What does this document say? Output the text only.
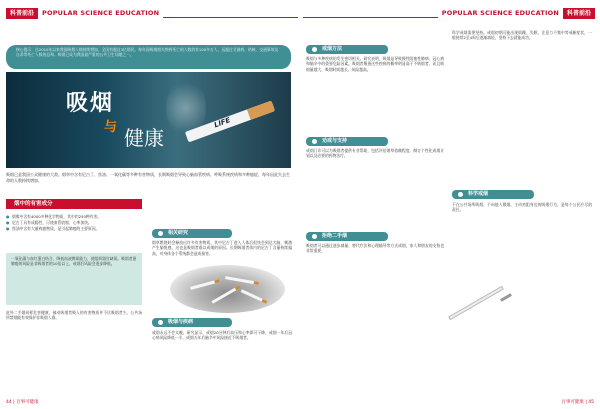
科普前沿	POPULAR SCIENCE EDUCATION	POPULAR SCIENCE EDUCATION	科普前沿

核心提示：自2010年以来我国吸烟人数持续增加，全国有超过3亿烟民。每年因吸烟相关疾病死亡的人数约有100多万人，远超过艾滋病、结核、交通事故及自杀等死亡人数的总和。吸烟已成为我国最严重的公共卫生问题之一。

吸烟
与 健康
LIFE
吸烟已是我国公众健康的大敌。烟草中含有尼古丁、焦油、一氧化碳等多种有害物质，长期吸烟会导致心脑血管疾病、呼吸系统疾病和多种癌症，每年因此失去生命的人数持续增加。
烟中的有害成分
● 烟雾中含有4000多种化学物质，其中约250种有害。
● 尼古丁具有成瘾性，可使血管收缩、心率加快。
● 焦油中含有大量致癌物质，是引起肺癌的主要原因。

一氧化碳与血红蛋白结合，降低血液携氧能力，使组织器官缺氧。吸烟者患肺癌的风险是非吸烟者的10倍以上，戒烟后风险会逐步降低。

此外二手烟同样危害健康，被动吸烟者吸入的有害物质并不比吸烟者少。公共场所禁烟能有效保护非吸烟人群。
相关研究
烟草燃烧时会释放出许多有害物质，其中尼古丁进入人体后很快会到达大脑，刺激产生愉悦感，这也是吸烟者难以戒烟的原因。长期吸烟者体内的尼古丁含量持续偏高，对身体各个系统都会造成损害。
吸烟与疾病
戒烟永远不会太晚。研究显示，戒烟20分钟后血压和心率即可下降，戒烟一年后冠心病风险降低一半，戒烟五年后脑卒中风险接近不吸烟者。
戒烟方法
吸烟与多种疾病的发生密切相关。研究表明，吸烟是导致慢性阻塞性肺病、冠心病和脑卒中的重要危险因素。吸烟者罹患这些疾病的概率明显高于不吸烟者，而且吸烟量越大、吸烟时间越长，风险越高。
劝戒与支持
戒烟门诊可以为吸烟者提供专业帮助，包括评估烟草依赖程度、制订个性化戒烟计划以及必要的药物治疗。
拒绝二手烟
吸烟者可以通过逐步减量、替代疗法和心理辅导等方式戒烟，家人和朋友的支持也非常重要。
科学戒烟需要坚持。戒烟初期可能出现烦躁、失眠、注意力不集中等戒断症状，一般持续2至4周后逐渐减轻，坚持下去就能成功。
科学戒烟
不在公共场所吸烟，不向他人敬烟，主动劝阻身边的吸烟行为，是每个公民应尽的责任。
44 | 百事可健康	百事可健康 | 45
